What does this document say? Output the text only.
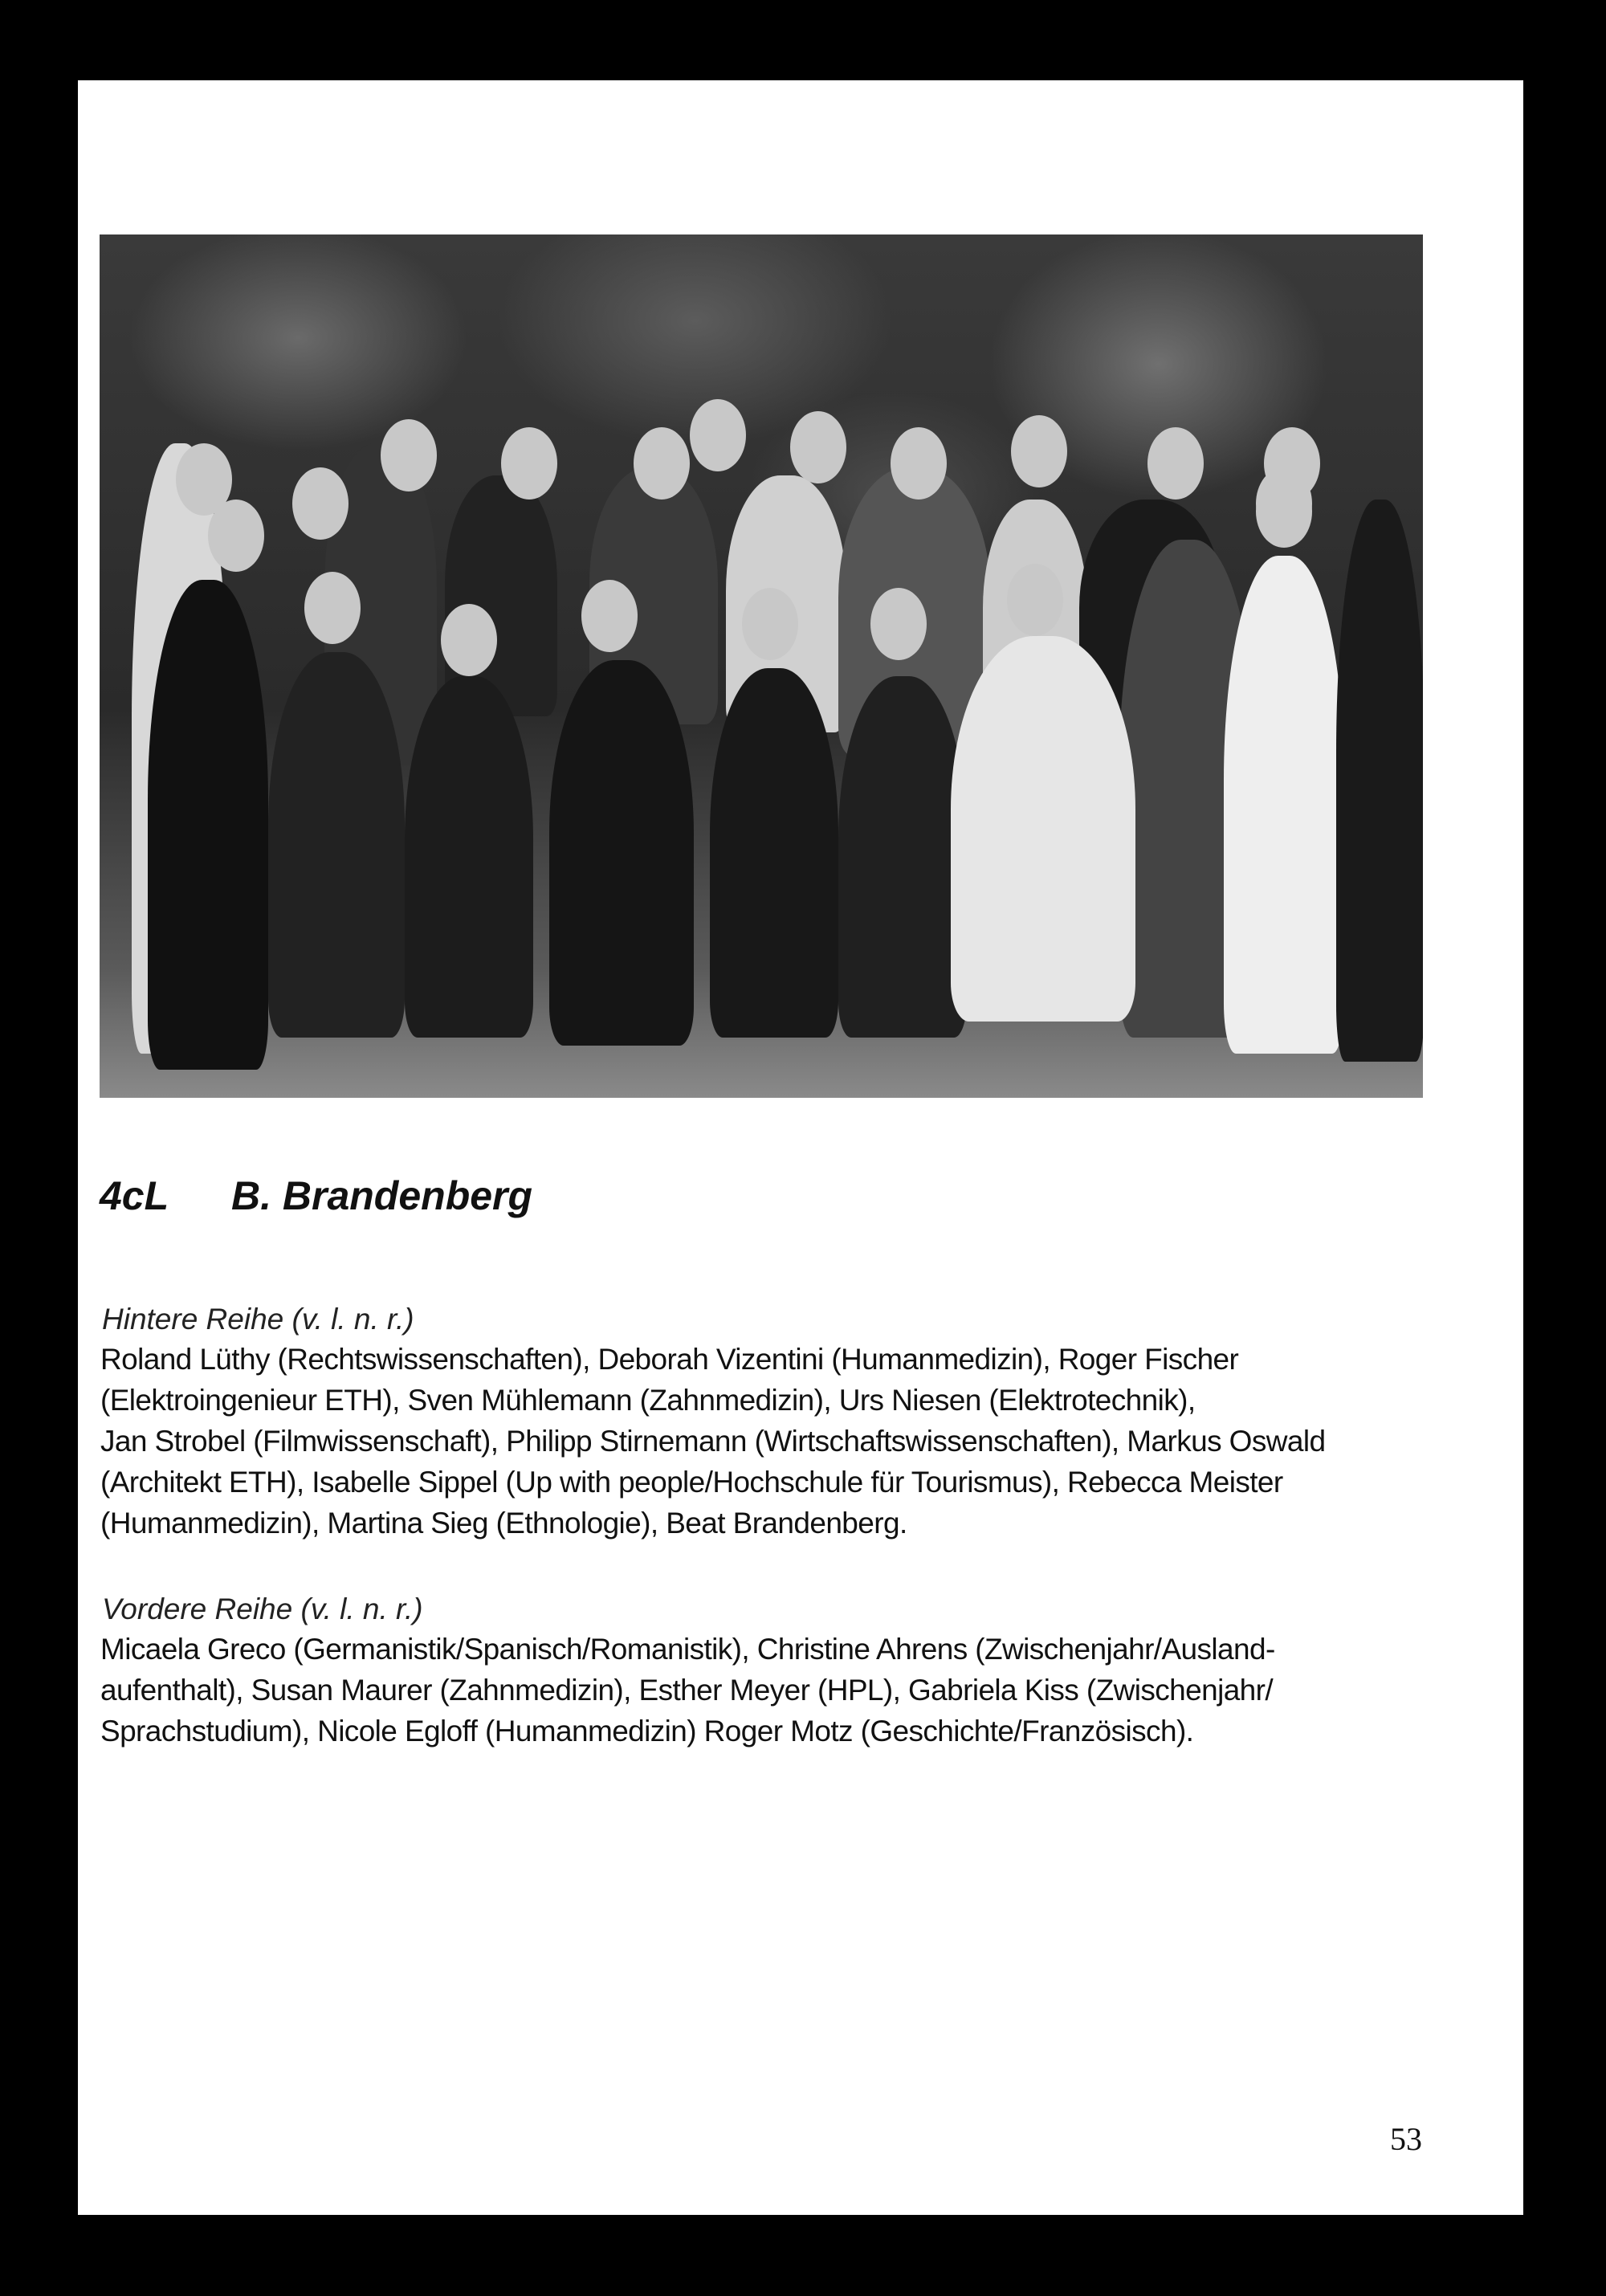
4cL B. Brandenberg
Hintere Reihe (v. l. n. r.)
Roland Lüthy (Rechtswissenschaften), Deborah Vizentini (Humanmedizin), Roger Fischer
(Elektroingenieur ETH), Sven Mühlemann (Zahnmedizin), Urs Niesen (Elektrotechnik),
Jan Strobel (Filmwissenschaft), Philipp Stirnemann (Wirtschaftswissenschaften), Markus Oswald
(Architekt ETH), Isabelle Sippel (Up with people/Hochschule für Tourismus), Rebecca Meister
(Humanmedizin), Martina Sieg (Ethnologie), Beat Brandenberg.
Vordere Reihe (v. l. n. r.)
Micaela Greco (Germanistik/Spanisch/Romanistik), Christine Ahrens (Zwischenjahr/Ausland-
aufenthalt), Susan Maurer (Zahnmedizin), Esther Meyer (HPL), Gabriela Kiss (Zwischenjahr/
Sprachstudium), Nicole Egloff (Humanmedizin) Roger Motz (Geschichte/Französisch).
53
